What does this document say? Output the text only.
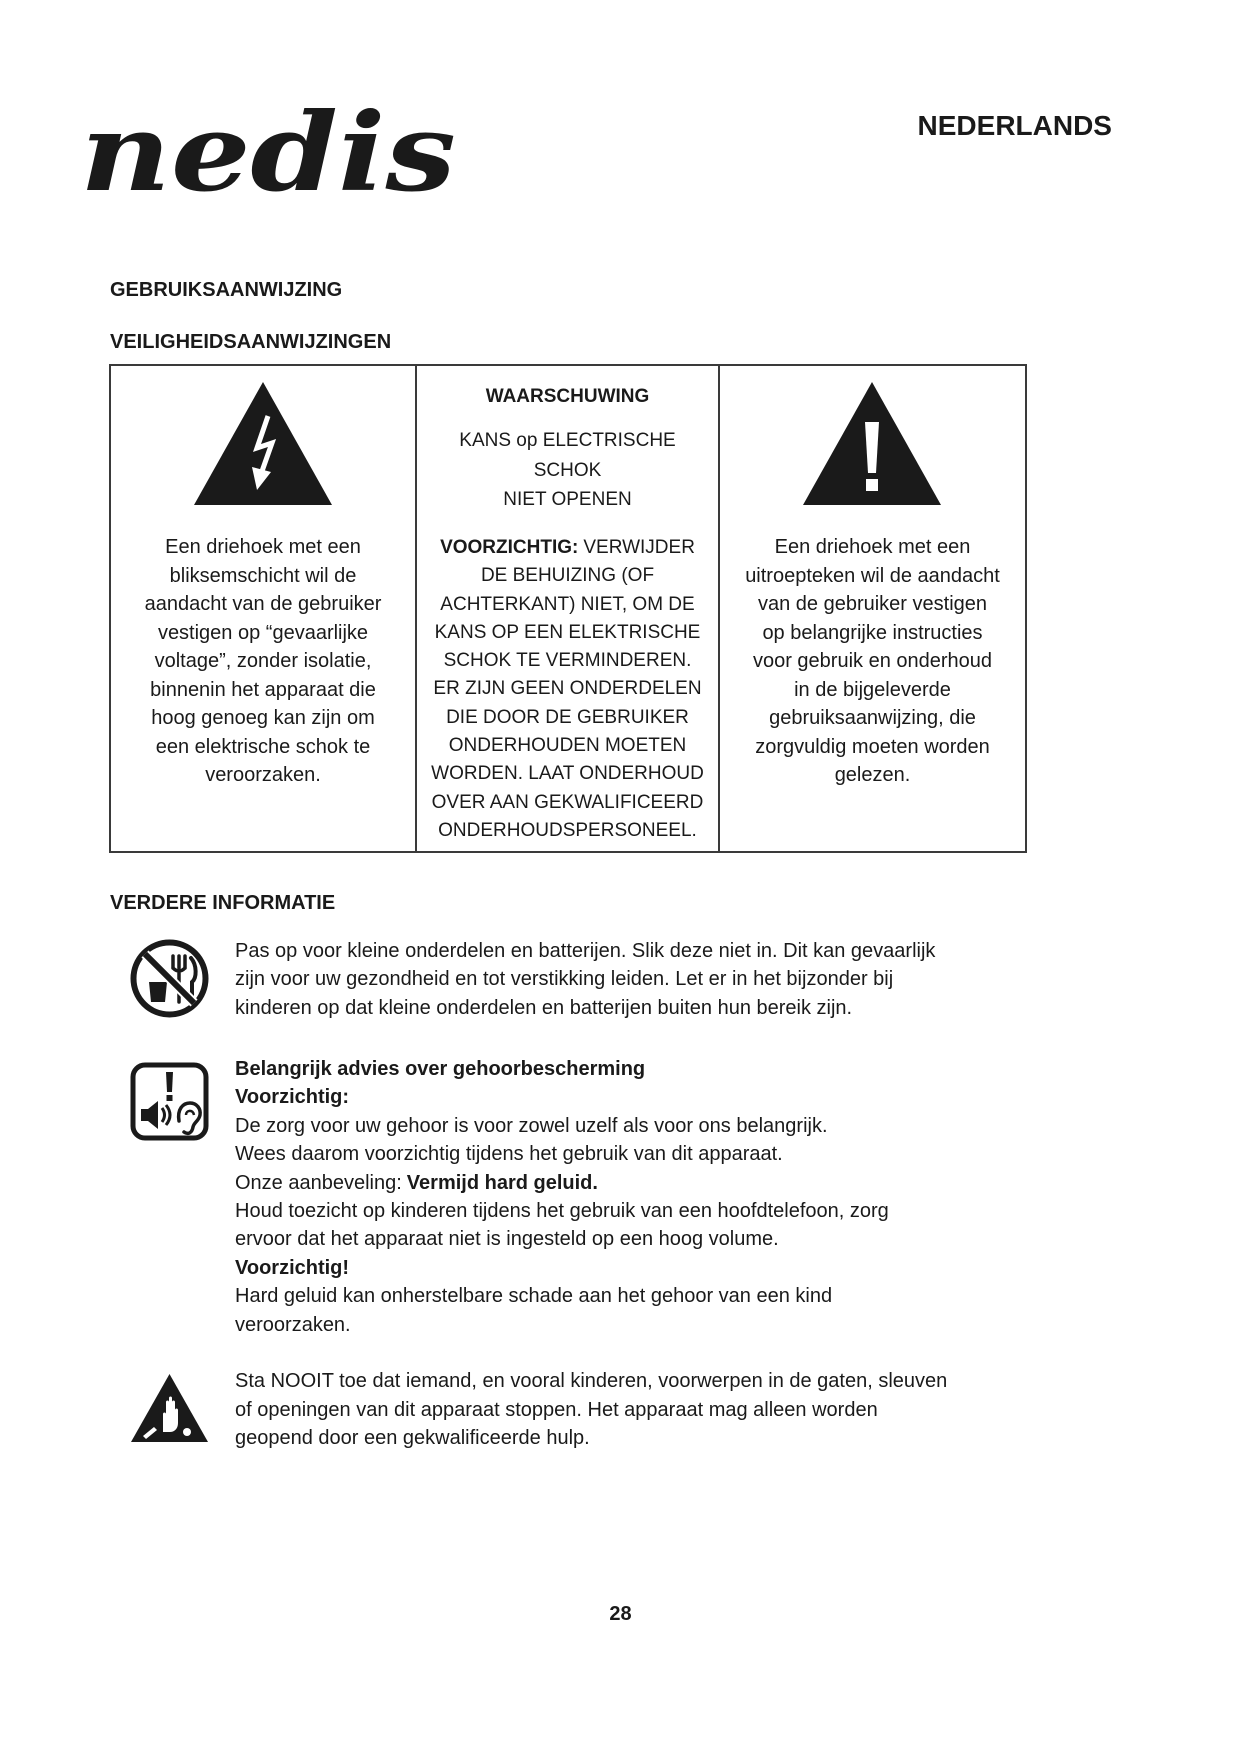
nedis	NEDERLANDS
GEBRUIKSAANWIJZING
VEILIGHEIDSAANWIJZINGEN
Een driehoek met een
bliksemschicht wil de
aandacht van de gebruiker
vestigen op “gevaarlijke
voltage”, zonder isolatie,
binnenin het apparaat die
hoog genoeg kan zijn om
een elektrische schok te
veroorzaken.
WAARSCHUWING
KANS op ELECTRISCHE
SCHOK
NIET OPENEN
VOORZICHTIG: VERWIJDER
DE BEHUIZING (OF
ACHTERKANT) NIET, OM DE
KANS OP EEN ELEKTRISCHE
SCHOK TE VERMINDEREN.
ER ZIJN GEEN ONDERDELEN
DIE DOOR DE GEBRUIKER
ONDERHOUDEN MOETEN
WORDEN. LAAT ONDERHOUD
OVER AAN GEKWALIFICEERD
ONDERHOUDSPERSONEEL.
Een driehoek met een
uitroepteken wil de aandacht
van de gebruiker vestigen
op belangrijke instructies
voor gebruik en onderhoud
in de bijgeleverde
gebruiksaanwijzing, die
zorgvuldig moeten worden
gelezen.
VERDERE INFORMATIE
Pas op voor kleine onderdelen en batterijen. Slik deze niet in. Dit kan gevaarlijk
zijn voor uw gezondheid en tot verstikking leiden. Let er in het bijzonder bij
kinderen op dat kleine onderdelen en batterijen buiten hun bereik zijn.
Belangrijk advies over gehoorbescherming
Voorzichtig:
De zorg voor uw gehoor is voor zowel uzelf als voor ons belangrijk.
Wees daarom voorzichtig tijdens het gebruik van dit apparaat.
Onze aanbeveling: Vermijd hard geluid.
Houd toezicht op kinderen tijdens het gebruik van een hoofdtelefoon, zorg
ervoor dat het apparaat niet is ingesteld op een hoog volume.
Voorzichtig!
Hard geluid kan onherstelbare schade aan het gehoor van een kind
veroorzaken.
Sta NOOIT toe dat iemand, en vooral kinderen, voorwerpen in de gaten, sleuven
of openingen van dit apparaat stoppen. Het apparaat mag alleen worden
geopend door een gekwalificeerde hulp.
28
